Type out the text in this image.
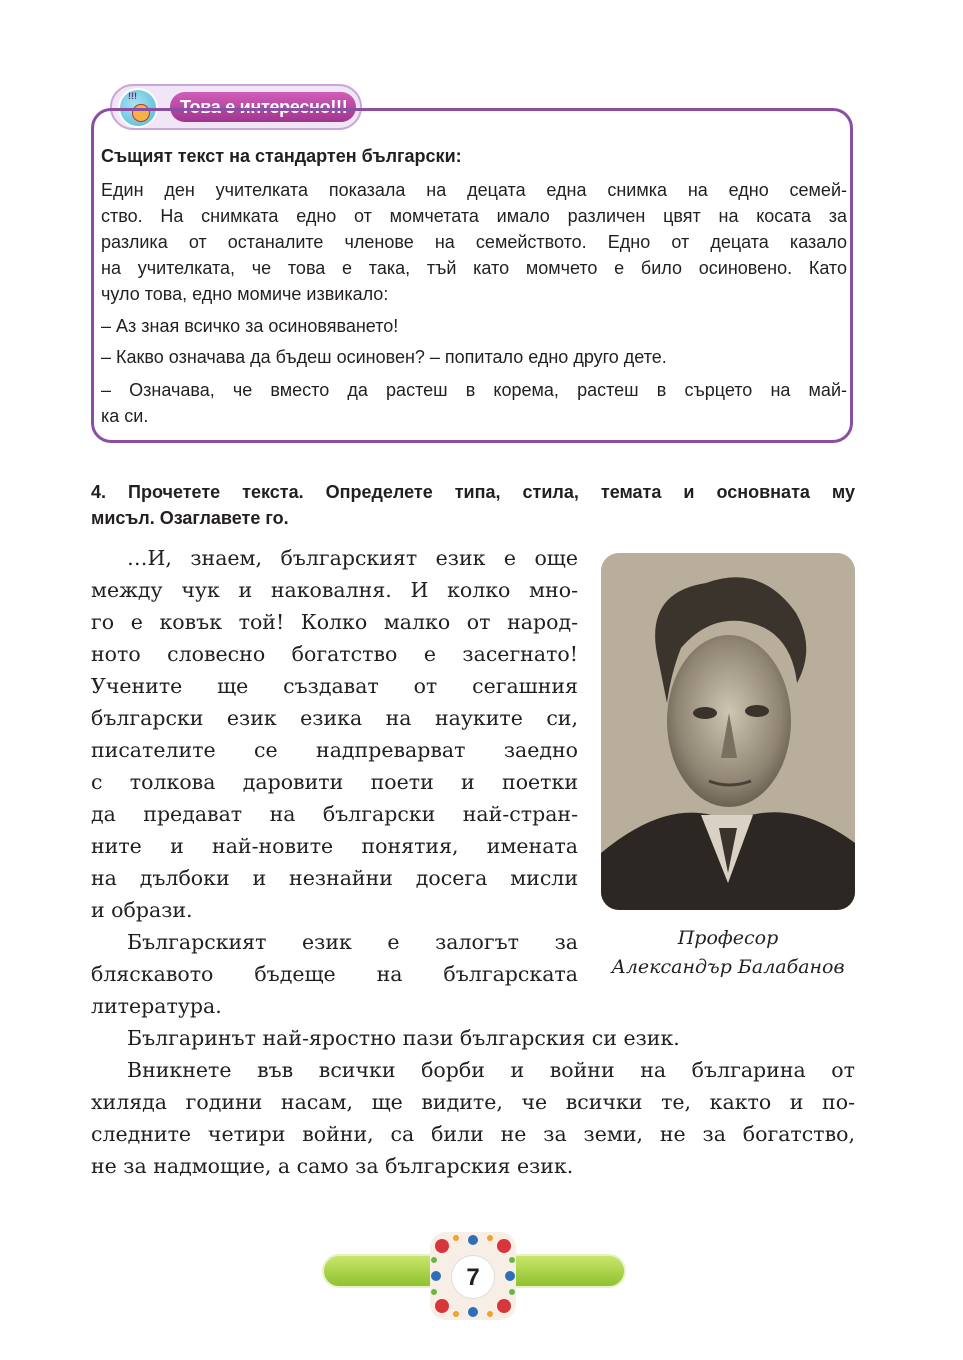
!!!
Това е интересно!!!
Същият текст на стандартен български:

Един ден учителката показала на децата една снимка на едно семей-

ство. На снимката едно от момчетата имало различен цвят на косата за

разлика от останалите членове на семейството. Едно от децата казало

на учителката, че това е така, тъй като момчето е било осиновено. Като

чуло това, едно момиче извикало:

– Аз зная всичко за осиновяването!

– Какво означава да бъдеш осиновен? – попитало едно друго дете.

– Означава, че вместо да растеш в корема, растеш в сърцето на май-

ка си.

4. Прочетете текста. Определете типа, стила, темата и основната му

мисъл. Озаглавете го.

…И, знаем, българският език е още

между чук и наковалня. И колко мно-

го е ковък той! Колко малко от народ-

ното словесно богатство е засегнато!

Учените ще създават от сегашния

български език езика на науките си,

писателите се надпреварват заедно

с толкова даровити поети и поетки

да предават на български най-стран-

ните и най-новите понятия, имената

на дълбоки и незнайни досега мисли

и образи.

Българският език е залогът за

бляскавото бъдеще на българската

литература.

Българинът най-яростно пази българския си език.

Вникнете във всички борби и войни на българина от

хиляда години насам, ще видите, че всички те, както и по-

следните четири войни, са били не за земи, не за богатство,

не за надмощие, а само за българския език.

Професор
Александър Балабанов
7
